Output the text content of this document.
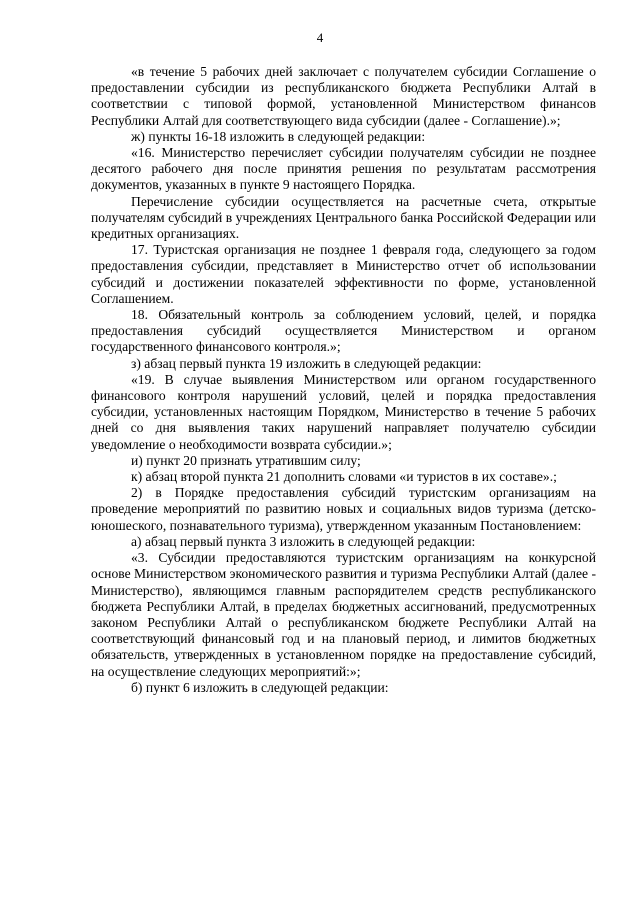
4

«в течение 5 рабочих дней заключает с получателем субсидии Соглашение о предоставлении субсидии из республиканского бюджета Республики Алтай в соответствии с типовой формой, установленной Министерством финансов Республики Алтай для соответствующего вида субсидии (далее - Соглашение).»;

ж) пункты 16-18 изложить в следующей редакции:

«16. Министерство перечисляет субсидии получателям субсидии не позднее десятого рабочего дня после принятия решения по результатам рассмотрения документов, указанных в пункте 9 настоящего Порядка.

Перечисление субсидии осуществляется на расчетные счета, открытые получателям субсидий в учреждениях Центрального банка Российской Федерации или кредитных организациях.

17. Туристская организация не позднее 1 февраля года, следующего за годом предоставления субсидии, представляет в Министерство отчет об использовании субсидий и достижении показателей эффективности по форме, установленной Соглашением.

18. Обязательный контроль за соблюдением условий, целей, и порядка предоставления субсидий осуществляется Министерством и органом государственного финансового контроля.»;

з) абзац первый пункта 19 изложить в следующей редакции:

«19. В случае выявления Министерством или органом государственного финансового контроля нарушений условий, целей и порядка предоставления субсидии, установленных настоящим Порядком, Министерство в течение 5 рабочих дней со дня выявления таких нарушений направляет получателю субсидии уведомление о необходимости возврата субсидии.»;

и) пункт 20 признать утратившим силу;

к) абзац второй пункта 21 дополнить словами «и туристов в их составе».;

2) в Порядке предоставления субсидий туристским организациям на проведение мероприятий по развитию новых и социальных видов туризма (детско-юношеского, познавательного туризма), утвержденном указанным Постановлением:

а) абзац первый пункта 3 изложить в следующей редакции:

«3. Субсидии предоставляются туристским организациям на конкурсной основе Министерством экономического развития и туризма Республики Алтай (далее - Министерство), являющимся главным распорядителем средств республиканского бюджета Республики Алтай, в пределах бюджетных ассигнований, предусмотренных законом Республики Алтай о республиканском бюджете Республики Алтай на соответствующий финансовый год и на плановый период, и лимитов бюджетных обязательств, утвержденных в установленном порядке на предоставление субсидий, на осуществление следующих мероприятий:»;

б) пункт 6 изложить в следующей редакции:
